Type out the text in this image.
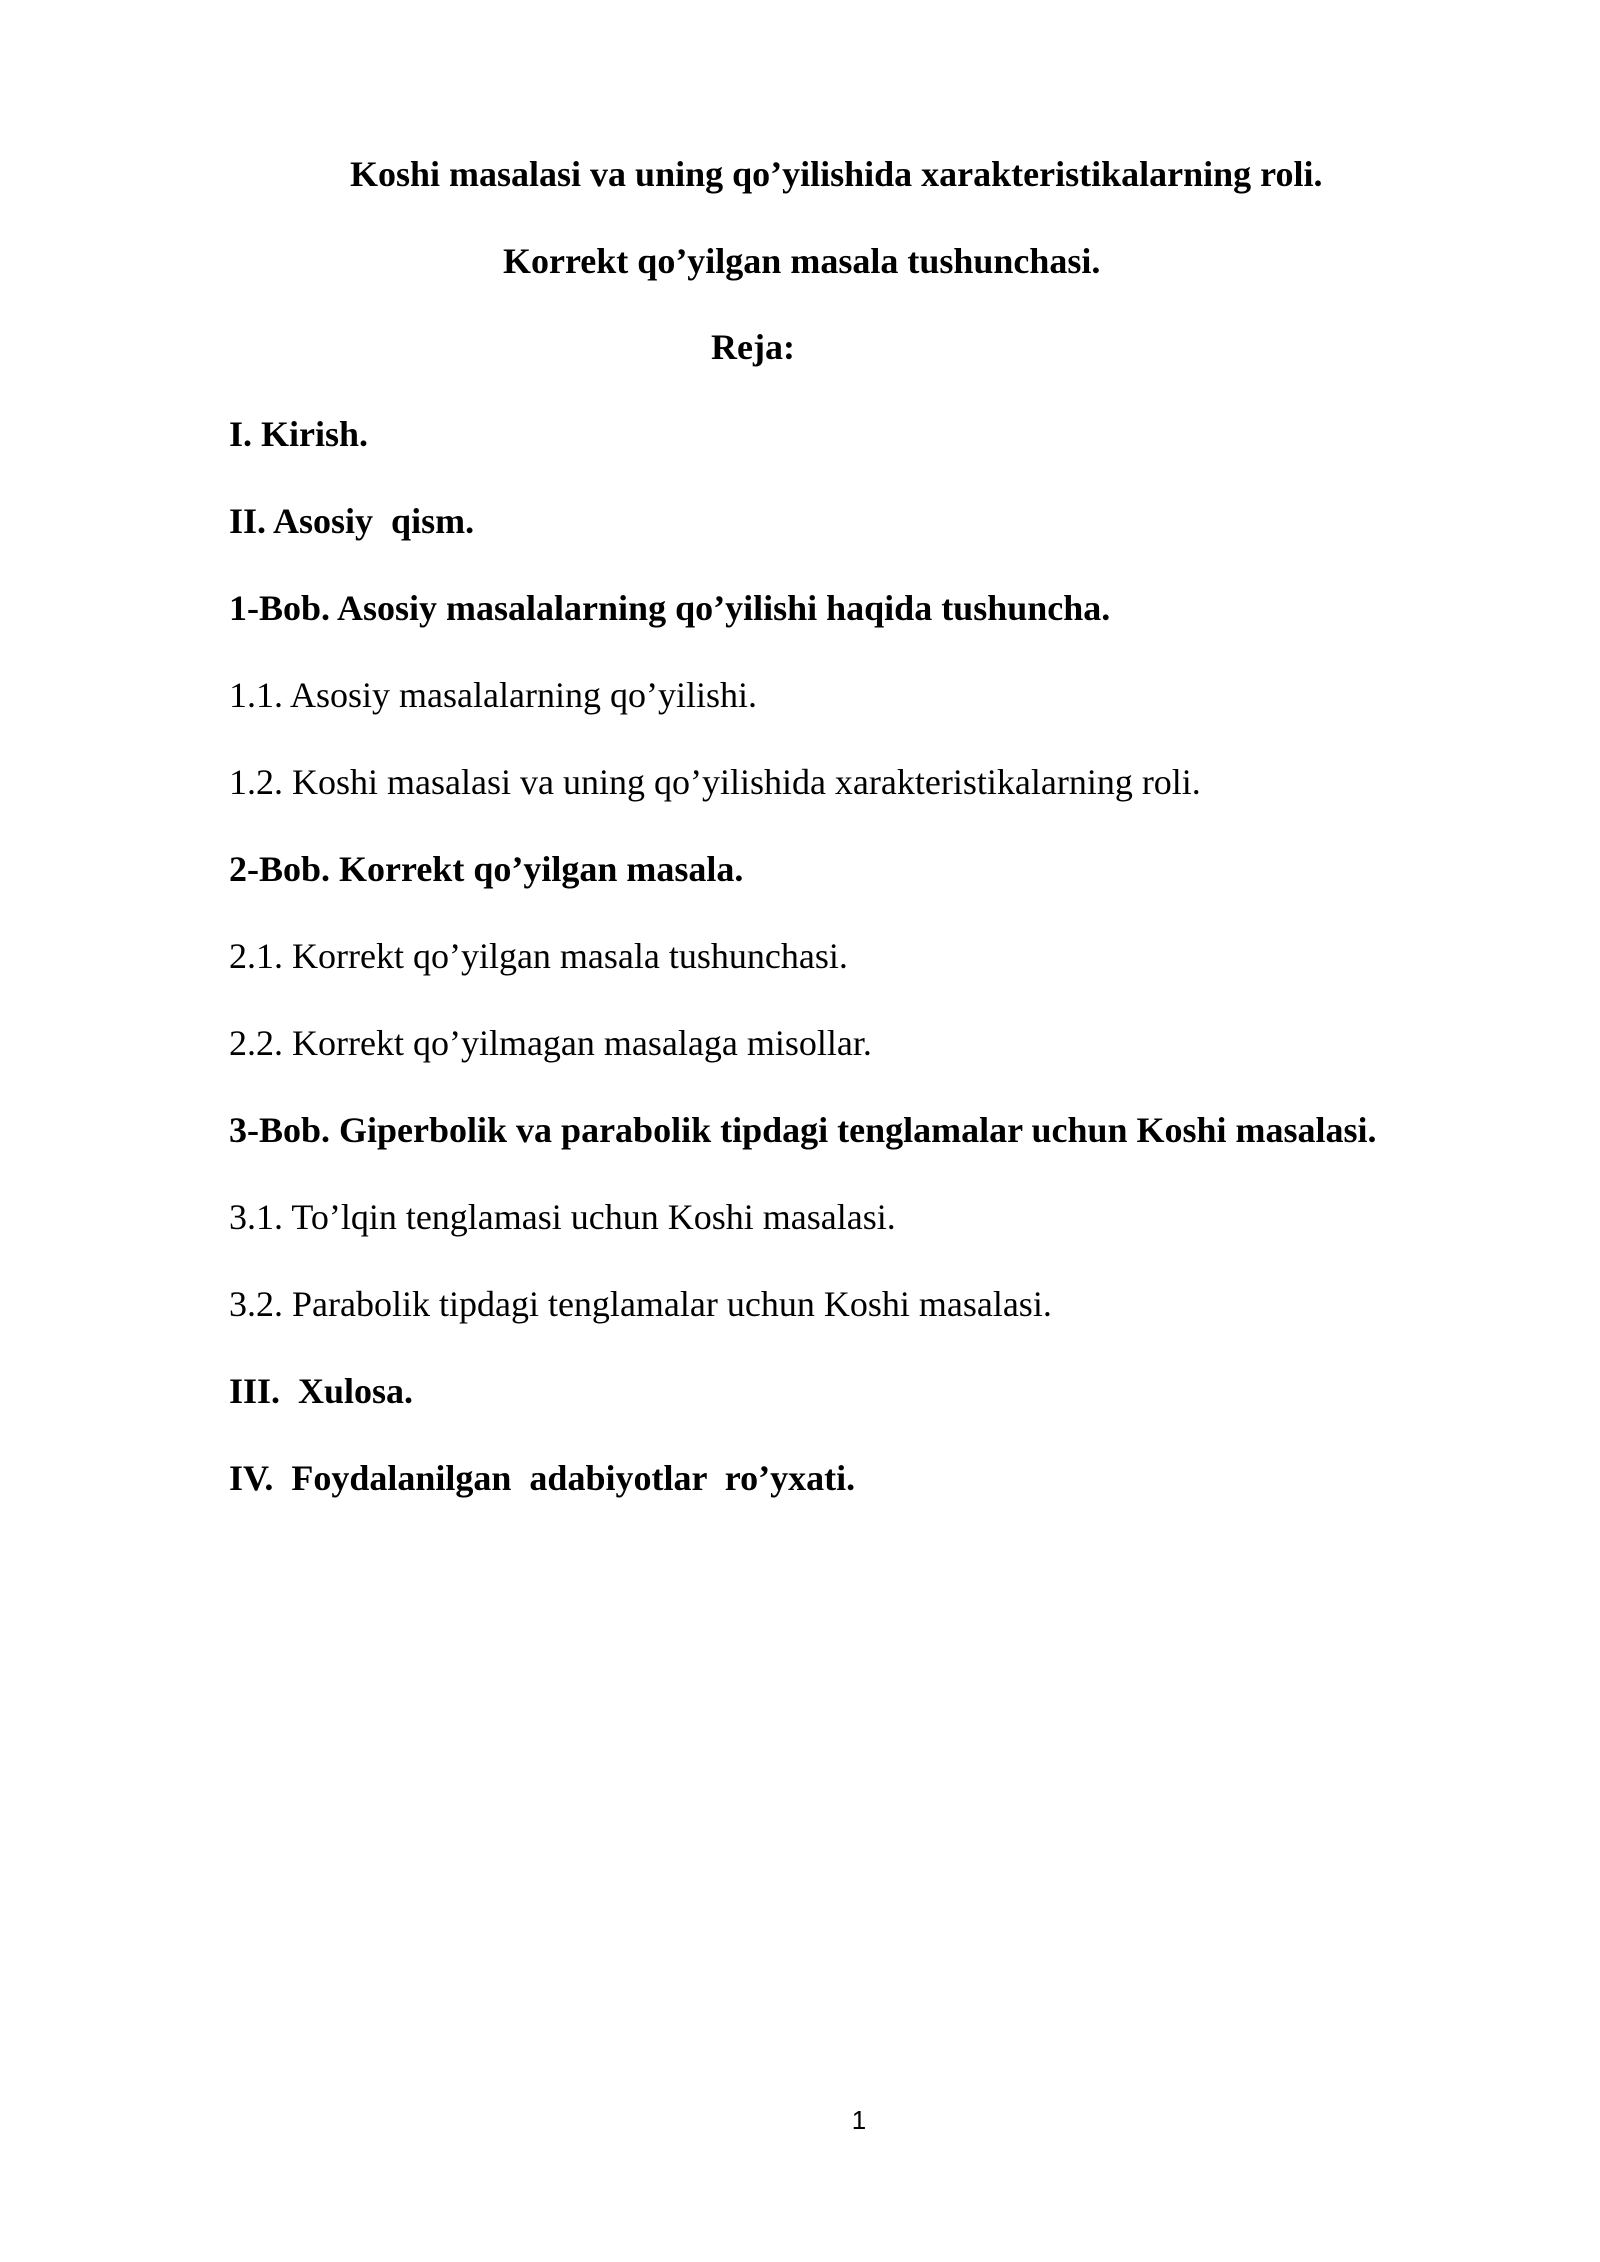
Koshi masalasi va uning qo’yilishida xarakteristikalarning roli.
Korrekt qo’yilgan masala tushunchasi.
Reja:
I. Kirish.
II. Asosiy  qism.
1-Bob. Asosiy masalalarning qo’yilishi haqida tushuncha.
1.1. Asosiy masalalarning qo’yilishi.
1.2. Koshi masalasi va uning qo’yilishida xarakteristikalarning roli.
2-Bob. Korrekt qo’yilgan masala.
2.1. Korrekt qo’yilgan masala tushunchasi.
2.2. Korrekt qo’yilmagan masalaga misollar.
3-Bob. Giperbolik va parabolik tipdagi tenglamalar uchun Koshi masalasi.
3.1. To’lqin tenglamasi uchun Koshi masalasi.
3.2. Parabolik tipdagi tenglamalar uchun Koshi masalasi.
III.  Xulosa.
IV.  Foydalanilgan  adabiyotlar  ro’yxati.
1
